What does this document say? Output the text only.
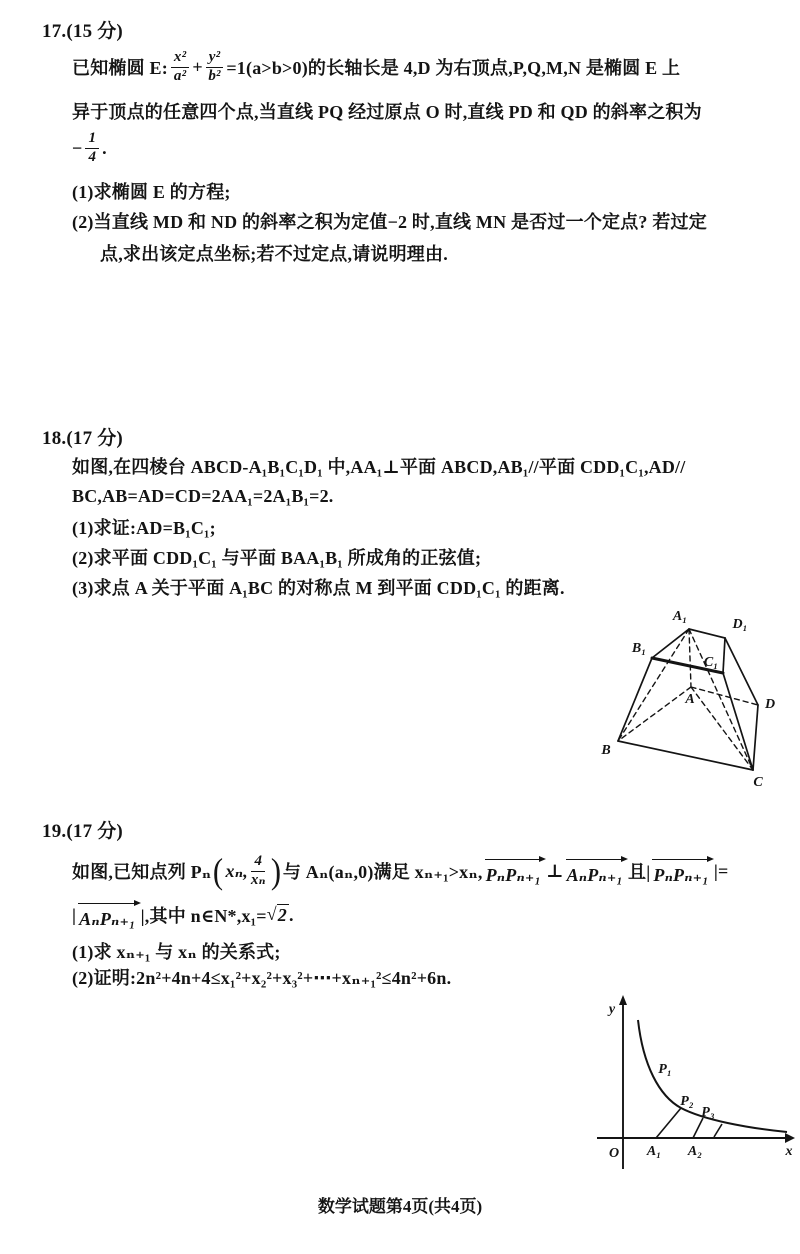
17.(15 分)
已知椭圆 E: $\frac{\text{x²}}{\text{a²}} + \frac{\text{y²}}{\text{b²}} =1(a>b>0)$的长轴长是 4,D 为右顶点,P,Q,M,N 是椭圆 E 上
异于顶点的任意四个点,当直线 PQ 经过原点 O 时,直线 PD 和 QD 的斜率之积为
− $\frac{1}{4}$ .
(1)求椭圆 E 的方程;
(2)当直线 MD 和 ND 的斜率之积为定值−2 时,直线 MN 是否过一个定点? 若过定
点,求出该定点坐标;若不过定点,请说明理由.
18.(17 分)
如图,在四棱台 ABCD-A₁B₁C₁D₁ 中,AA₁⊥平面 ABCD,AB₁//平面 CDD₁C₁,AD//
BC,AB=AD=CD=2AA₁=2A₁B₁=2.
(1)求证:AD=B₁C₁;
(2)求平面 CDD₁C₁ 与平面 BAA₁B₁ 所成角的正弦值;
(3)求点 A 关于平面 A₁BC 的对称点 M 到平面 CDD₁C₁ 的距离.
A₁
D₁
B₁
C₁
A	D
B
C
19.(17 分)
如图,已知点列 Pₙ ( xₙ, $\frac{4}{\text{xₙ}}$ ) 与 Aₙ(aₙ,0)满足 xₙ₊₁>xₙ, PₙPₙ₊₁ ⊥ AₙPₙ₊₁ 且| PₙPₙ₊₁ |=
| AₙPₙ₊₁ |,其中 n∈N*,x₁= √ 2 .
(1)求 xₙ₊₁ 与 xₙ 的关系式;
(2)证明:2n²+4n+4≤x₁²+x₂²+x₃²+⋯+xₙ₊₁²≤4n²+6n.
y
x
O
P₁
P₂
P₃
A₁ A₂
数学试题第4页(共4页)
